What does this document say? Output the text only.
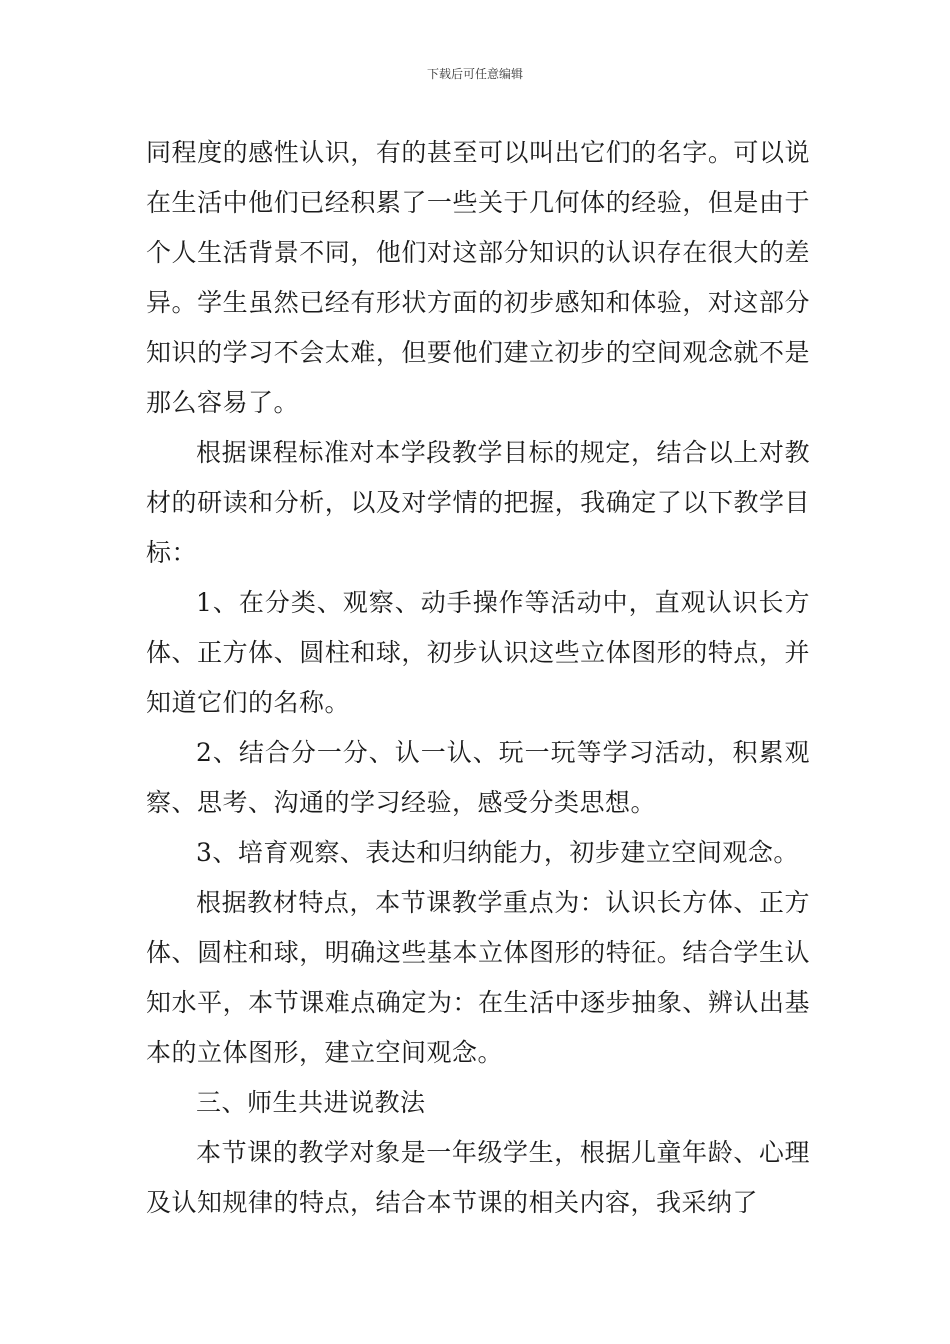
下载后可任意编辑

同程度的感性认识，有的甚至可以叫出它们的名字。可以说在生活中他们已经积累了一些关于几何体的经验，但是由于个人生活背景不同，他们对这部分知识的认识存在很大的差异。学生虽然已经有形状方面的初步感知和体验，对这部分知识的学习不会太难，但要他们建立初步的空间观念就不是那么容易了。

根据课程标准对本学段教学目标的规定，结合以上对教材的研读和分析，以及对学情的把握，我确定了以下教学目标：

1、在分类、观察、动手操作等活动中，直观认识长方体、正方体、圆柱和球，初步认识这些立体图形的特点，并知道它们的名称。

2、结合分一分、认一认、玩一玩等学习活动，积累观察、思考、沟通的学习经验，感受分类思想。

3、培育观察、表达和归纳能力，初步建立空间观念。

根据教材特点，本节课教学重点为：认识长方体、正方体、圆柱和球，明确这些基本立体图形的特征。结合学生认知水平，本节课难点确定为：在生活中逐步抽象、辨认出基本的立体图形，建立空间观念。

三、师生共进说教法

本节课的教学对象是一年级学生，根据儿童年龄、心理及认知规律的特点，结合本节课的相关内容，我采纳了
